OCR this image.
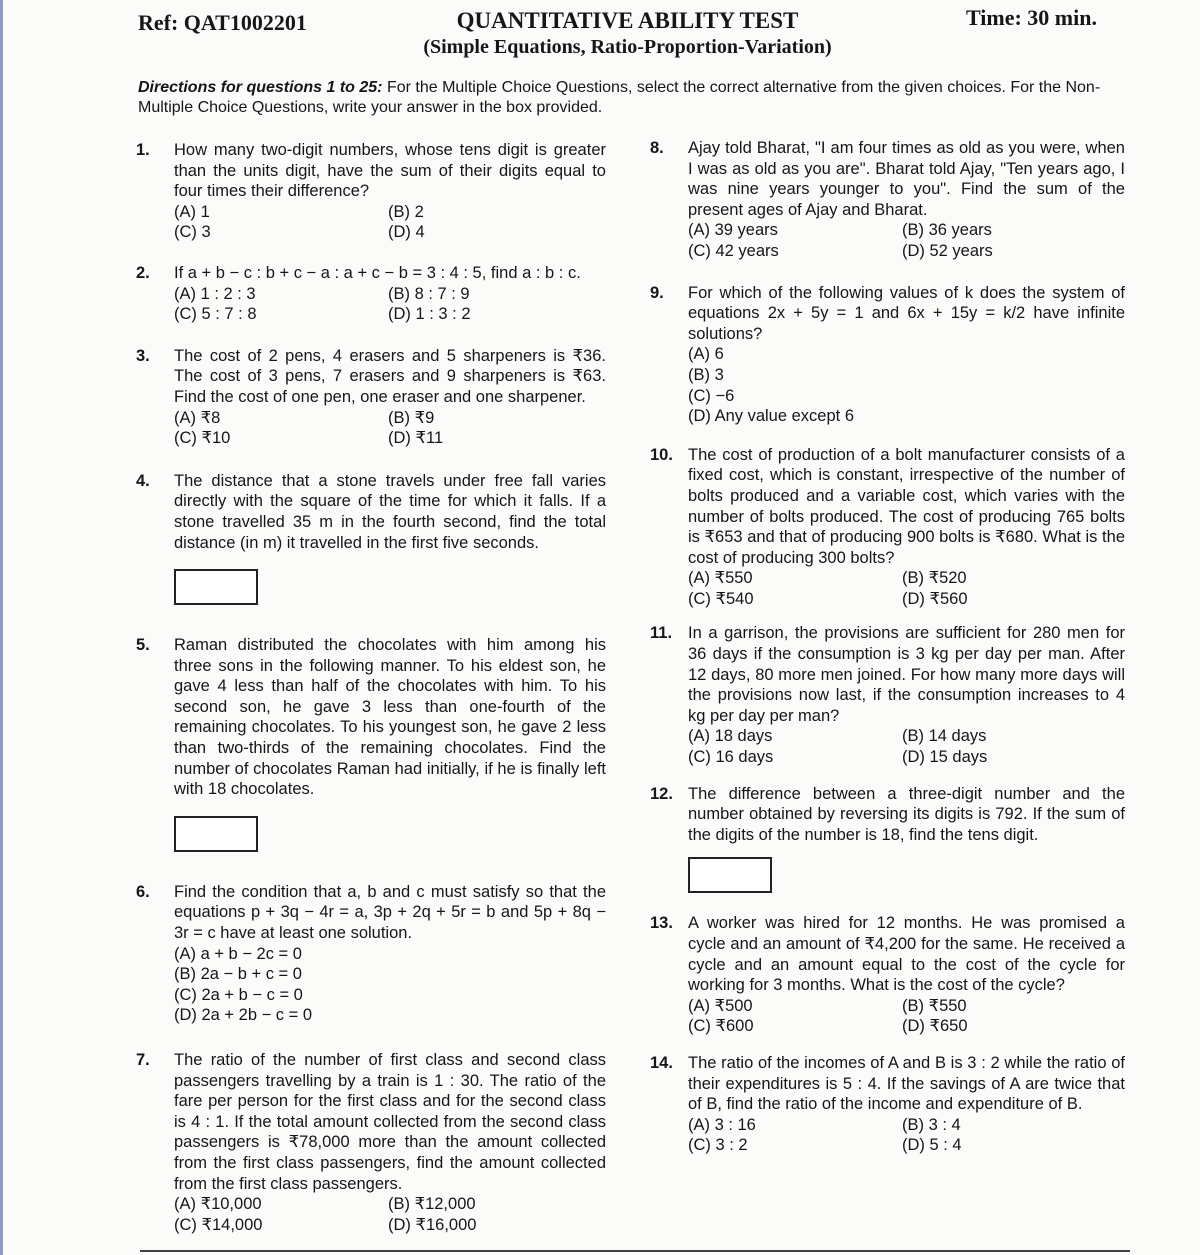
Ref: QAT1002201	QUANTITATIVE ABILITY TEST
(Simple Equations, Ratio-Proportion-Variation)
Time: 30 min.
Directions for questions 1 to 25: For the Multiple Choice Questions, select the correct alternative from the given choices. For the Non-Multiple Choice Questions, write your answer in the box provided.
1.	How many two-digit numbers, whose tens digit is greater than the units digit, have the sum of their digits equal to four times their difference?
(A) 1	(B) 2
(C) 3	(D) 4
2.	If a + b − c : b + c − a : a + c − b = 3 : 4 : 5, find a : b : c.
(A) 1 : 2 : 3	(B) 8 : 7 : 9
(C) 5 : 7 : 8	(D) 1 : 3 : 2
3.	The cost of 2 pens, 4 erasers and 5 sharpeners is ₹36. The cost of 3 pens, 7 erasers and 9 sharpeners is ₹63. Find the cost of one pen, one eraser and one sharpener.
(A) ₹8	(B) ₹9
(C) ₹10	(D) ₹11
4.	The distance that a stone travels under free fall varies directly with the square of the time for which it falls. If a stone travelled 35 m in the fourth second, find the total distance (in m) it travelled in the first five seconds.
5.	Raman distributed the chocolates with him among his three sons in the following manner. To his eldest son, he gave 4 less than half of the chocolates with him. To his second son, he gave 3 less than one-fourth of the remaining chocolates. To his youngest son, he gave 2 less than two-thirds of the remaining chocolates. Find the number of chocolates Raman had initially, if he is finally left with 18 chocolates.
6.	Find the condition that a, b and c must satisfy so that the equations p + 3q − 4r = a, 3p + 2q + 5r = b and 5p + 8q − 3r = c have at least one solution.
(A) a + b − 2c = 0
(B) 2a − b + c = 0
(C) 2a + b − c = 0
(D) 2a + 2b − c = 0
7.	The ratio of the number of first class and second class passengers travelling by a train is 1 : 30. The ratio of the fare per person for the first class and for the second class is 4 : 1. If the total amount collected from the second class passengers is ₹78,000 more than the amount collected from the first class passengers, find the amount collected from the first class passengers.
(A) ₹10,000	(B) ₹12,000
(C) ₹14,000	(D) ₹16,000
8.	Ajay told Bharat, "I am four times as old as you were, when I was as old as you are". Bharat told Ajay, "Ten years ago, I was nine years younger to you". Find the sum of the present ages of Ajay and Bharat.
(A) 39 years	(B) 36 years
(C) 42 years	(D) 52 years
9.	For which of the following values of k does the system of equations 2x + 5y = 1 and 6x + 15y = k/2 have infinite solutions?
(A) 6
(B) 3
(C) −6
(D) Any value except 6
10. The cost of production of a bolt manufacturer consists of a fixed cost, which is constant, irrespective of the number of bolts produced and a variable cost, which varies with the number of bolts produced. The cost of producing 765 bolts is ₹653 and that of producing 900 bolts is ₹680. What is the cost of producing 300 bolts?
(A) ₹550	(B) ₹520
(C) ₹540	(D) ₹560
11. In a garrison, the provisions are sufficient for 280 men for 36 days if the consumption is 3 kg per day per man. After 12 days, 80 more men joined. For how many more days will the provisions now last, if the consumption increases to 4 kg per day per man?
(A) 18 days	(B) 14 days
(C) 16 days	(D) 15 days
12. The difference between a three-digit number and the number obtained by reversing its digits is 792. If the sum of the digits of the number is 18, find the tens digit.
13. A worker was hired for 12 months. He was promised a cycle and an amount of ₹4,200 for the same. He received a cycle and an amount equal to the cost of the cycle for working for 3 months. What is the cost of the cycle?
(A) ₹500	(B) ₹550
(C) ₹600	(D) ₹650
14. The ratio of the incomes of A and B is 3 : 2 while the ratio of their expenditures is 5 : 4. If the savings of A are twice that of B, find the ratio of the income and expenditure of B.
(A) 3 : 16	(B) 3 : 4
(C) 3 : 2	(D) 5 : 4
